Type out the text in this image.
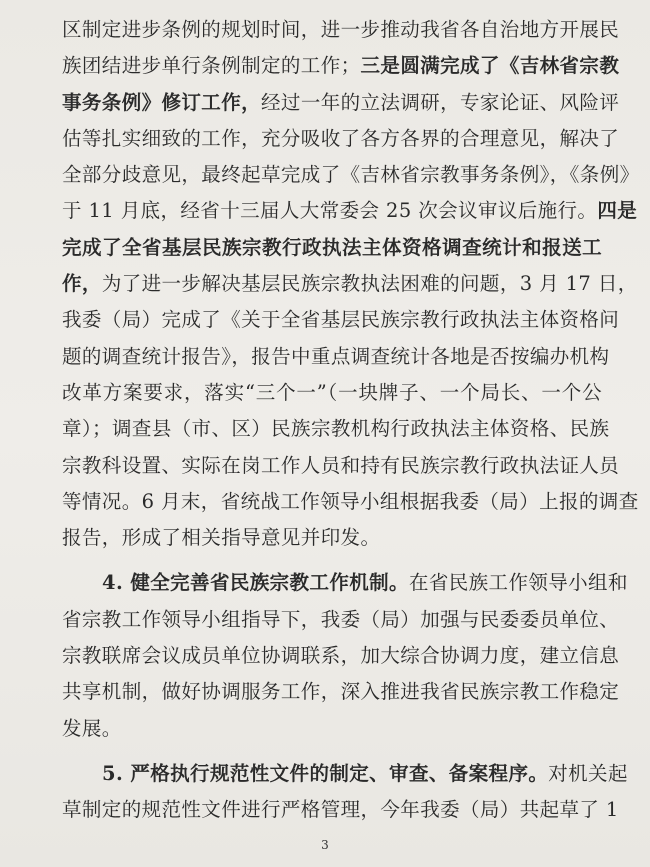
区制定进步条例的规划时间，进一步推动我省各自治地方开展民
族团结进步单行条例制定的工作；三是圆满完成了《吉林省宗教
事务条例》修订工作，经过一年的立法调研，专家论证、风险评
估等扎实细致的工作，充分吸收了各方各界的合理意见，解决了
全部分歧意见，最终起草完成了《吉林省宗教事务条例》，《条例》
于 11 月底，经省十三届人大常委会 25 次会议审议后施行。四是
完成了全省基层民族宗教行政执法主体资格调查统计和报送工
作，为了进一步解决基层民族宗教执法困难的问题，3 月 17 日，
我委（局）完成了《关于全省基层民族宗教行政执法主体资格问
题的调查统计报告》，报告中重点调查统计各地是否按编办机构
改革方案要求，落实“三个一”（一块牌子、一个局长、一个公
章）；调查县（市、区）民族宗教机构行政执法主体资格、民族
宗教科设置、实际在岗工作人员和持有民族宗教行政执法证人员
等情况。6 月末，省统战工作领导小组根据我委（局）上报的调查
报告，形成了相关指导意见并印发。
4. 健全完善省民族宗教工作机制。在省民族工作领导小组和
省宗教工作领导小组指导下，我委（局）加强与民委委员单位、
宗教联席会议成员单位协调联系，加大综合协调力度，建立信息
共享机制，做好协调服务工作，深入推进我省民族宗教工作稳定
发展。
5. 严格执行规范性文件的制定、审查、备案程序。对机关起
草制定的规范性文件进行严格管理，今年我委（局）共起草了 1
3
